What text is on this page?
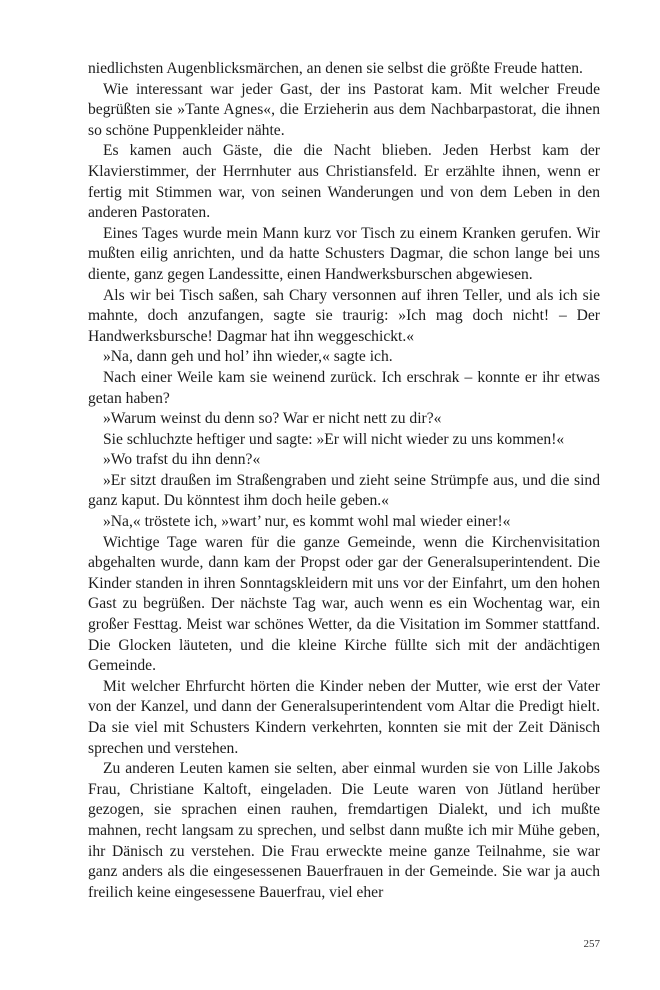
niedlichsten Augenblicksmärchen, an denen sie selbst die größte Freude hatten.

Wie interessant war jeder Gast, der ins Pastorat kam. Mit welcher Freude begrüßten sie »Tante Agnes«, die Erzieherin aus dem Nachbarpastorat, die ihnen so schöne Puppenkleider nähte.

Es kamen auch Gäste, die die Nacht blieben. Jeden Herbst kam der Klavierstimmer, der Herrnhuter aus Christiansfeld. Er erzählte ihnen, wenn er fertig mit Stimmen war, von seinen Wanderungen und von dem Leben in den anderen Pastoraten.

Eines Tages wurde mein Mann kurz vor Tisch zu einem Kranken gerufen. Wir mußten eilig anrichten, und da hatte Schusters Dagmar, die schon lange bei uns diente, ganz gegen Landessitte, einen Handwerksburschen abgewiesen.

Als wir bei Tisch saßen, sah Chary versonnen auf ihren Teller, und als ich sie mahnte, doch anzufangen, sagte sie traurig: »Ich mag doch nicht! – Der Handwerksbursche! Dagmar hat ihn weggeschickt.«

»Na, dann geh und hol’ ihn wieder,« sagte ich.

Nach einer Weile kam sie weinend zurück. Ich erschrak – konnte er ihr etwas getan haben?

»Warum weinst du denn so? War er nicht nett zu dir?«

Sie schluchzte heftiger und sagte: »Er will nicht wieder zu uns kommen!«

»Wo trafst du ihn denn?«

»Er sitzt draußen im Straßengraben und zieht seine Strümpfe aus, und die sind ganz kaput. Du könntest ihm doch heile geben.«

»Na,« tröstete ich, »wart’ nur, es kommt wohl mal wieder einer!«

Wichtige Tage waren für die ganze Gemeinde, wenn die Kirchenvisitation abgehalten wurde, dann kam der Propst oder gar der Generalsuperintendent. Die Kinder standen in ihren Sonntagskleidern mit uns vor der Einfahrt, um den hohen Gast zu begrüßen. Der nächste Tag war, auch wenn es ein Wochentag war, ein großer Festtag. Meist war schönes Wetter, da die Visitation im Sommer stattfand. Die Glocken läuteten, und die kleine Kirche füllte sich mit der andächtigen Gemeinde.

Mit welcher Ehrfurcht hörten die Kinder neben der Mutter, wie erst der Vater von der Kanzel, und dann der Generalsuperintendent vom Altar die Predigt hielt. Da sie viel mit Schusters Kindern verkehrten, konnten sie mit der Zeit Dänisch sprechen und verstehen.

Zu anderen Leuten kamen sie selten, aber einmal wurden sie von Lille Jakobs Frau, Christiane Kaltoft, eingeladen. Die Leute waren von Jütland herüber gezogen, sie sprachen einen rauhen, fremdartigen Dialekt, und ich mußte mahnen, recht langsam zu sprechen, und selbst dann mußte ich mir Mühe geben, ihr Dänisch zu verstehen. Die Frau erweckte meine ganze Teilnahme, sie war ganz anders als die eingesessenen Bauerfrauen in der Gemeinde. Sie war ja auch freilich keine eingesessene Bauerfrau, viel eher

257
